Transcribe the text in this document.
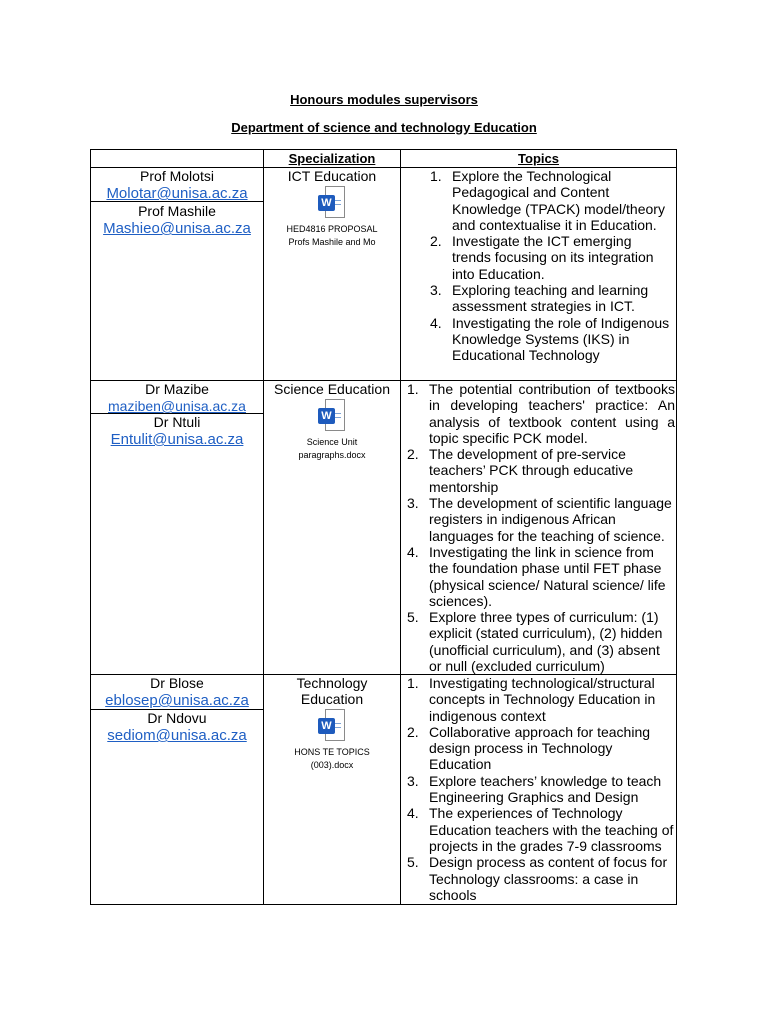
Honours modules supervisors
Department of science and technology Education
Specialization	Topics
Prof Molotsi
Molotar@unisa.ac.za
Prof Mashile
Mashieo@unisa.ac.za
ICT Education
W
HED4816 PROPOSAL
Profs Mashile and Mo
1. Explore the Technological Pedagogical and Content Knowledge (TPACK) model/theory and contextualise it in Education.
2. Investigate the ICT emerging trends focusing on its integration into Education.
3. Exploring teaching and learning assessment strategies in ICT.
4. Investigating the role of Indigenous Knowledge Systems (IKS) in Educational Technology
Dr Mazibe
maziben@unisa.ac.za
Dr Ntuli
Entulit@unisa.ac.za
Science Education
W
Science Unit
paragraphs.docx
1. The potential contribution of textbooks in developing teachers' practice: An analysis of textbook content using a topic specific PCK model.
2. The development of pre-service teachers’ PCK through educative mentorship
3. The development of scientific language registers in indigenous African languages for the teaching of science.
4. Investigating the link in science from the foundation phase until FET phase (physical science/ Natural science/ life sciences).
5. Explore three types of curriculum: (1) explicit (stated curriculum), (2) hidden (unofficial curriculum), and (3) absent or null (excluded curriculum)
Dr Blose
eblosep@unisa.ac.za
Dr Ndovu
sediom@unisa.ac.za
Technology Education
W
HONS TE TOPICS
(003).docx
1. Investigating technological/structural concepts in Technology Education in indigenous context
2. Collaborative approach for teaching design process in Technology Education
3. Explore teachers’ knowledge to teach Engineering Graphics and Design
4. The experiences of Technology Education teachers with the teaching of projects in the grades 7-9 classrooms
5. Design process as content of focus for Technology classrooms: a case in schools
